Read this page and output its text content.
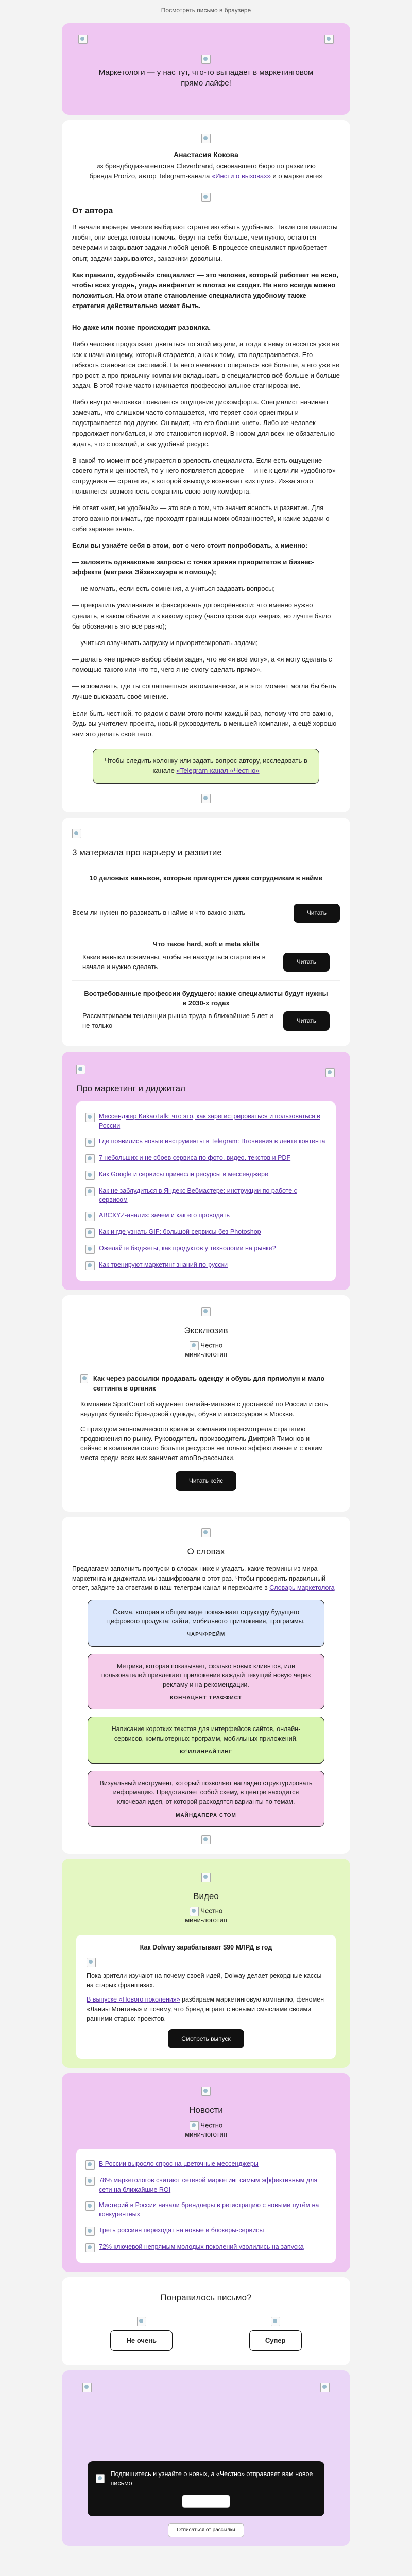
Посмотреть письмо в браузере
Маркетологи — у нас тут, что-то выпадает в маркетинговом прямо лайфе!
Анастасия Кокова
из брендбодиз-агентства Cleverbrand, основавшего бюро по развитию бренда Prorizo, автор Telegram-канала «Инсти о вызовах» и о маркетинге»
От автора

В начале карьеры многие выбирают стратегию «быть удобным». Такие специалисты любят, они всегда готовы помочь, берут на себя больше, чем нужно, остаются вечерами и закрывают задачи любой ценой. В процессе специалист приобретает опыт, задачи закрываются, заказчики довольны.

Как правило, «удобный» специалист — это человек, который работает не ясно, чтобы всех угоднь, угадь анифантит в плотах не сходят. На него всегда можно положиться. На этом этапе становление специалиста удобному также стратегия действительно может быть.

Но даже или позже происходит развилка.

Либо человек продолжает двигаться по этой модели, а тогда к нему относятся уже не как к начинающему, который старается, а как к тому, кто подстраивается. Его гибкость становится системой. На него начинают опираться всё больше, а его уже не про рост, а про привычку компании вкладывать в специалистов всё больше и больше задач. В этой точке часто начинается профессиональное стагнирование.

Либо внутри человека появляется ощущение дискомфорта. Специалист начинает замечать, что слишком часто соглашается, что теряет свои ориентиры и подстраивается под других. Он видит, что его больше «нет». Либо же человек продолжает погибаться, и это становится нормой. В новом для всех не обязательно ждать, что с позиций, а как удобный ресурс.

В какой-то момент всё упирается в зрелость специалиста. Если есть ощущение своего пути и ценностей, то у него появляется доверие — и не к цели ли «удобного» сотрудника — стратегия, в которой «выход» возникает «из пути». Из-за этого появляется возможность сохранить свою зону комфорта.

Не ответ «нет, не удобный» — это все о том, что значит ясность и развитие. Для этого важно понимать, где проходят границы моих обязанностей, и какие задачи о себе заранее знать.

Если вы узнаёте себя в этом, вот с чего стоит попробовать, а именно:

— заложить одинаковые запросы с точки зрения приоритетов и бизнес-эффекта (метрика Эйзенхауэра в помощь);

— не молчать, если есть сомнения, а учиться задавать вопросы;

— прекратить увиливания и фиксировать договорённости: что именно нужно сделать, в каком объёме и к какому сроку (часто сроки «до вчера», но лучше было бы обозначить это всё равно);

— учиться озвучивать загрузку и приоритезировать задачи;

— делать «не прямо» выбор объём задач, что не «я всё могу», а «я могу сделать с помощью такого или что-то, чего я не смогу сделать прямо».

— вспоминать, где ты соглашаешься автоматически, а в этот момент могла бы быть лучше высказать своё мнение.

Если быть честной, то рядом с вами этого почти каждый раз, потому что это важно, будь вы учителем проекта, новый руководитель в меньшей компании, а ещё хорошо вам это делать своё тело.

Чтобы следить колонку или задать вопрос автору, исследовать в канале «Telegram-канал «Честно»
3 материала про карьеру и развитие
10 деловых навыков, которые пригодятся даже сотрудникам в найме
Всем ли нужен по развивать в найме и что важно знать	Читать
Что такое hard, soft и meta skills
Какие навыки пожиманы, чтобы не находиться стартегия в начале и нужно сделать
Читать
Востребованные профессии будущего: какие специалисты будут нужны в 2030-х годах
Рассматриваем тенденции рынка труда в ближайшие 5 лет и не только
Читать
Про маркетинг и диджитал
Мессенджер KakaoTalk: что это, как зарегистрироваться и пользоваться в России
Где появились новые инструменты в Telegram: Вточнения в ленте контента
7 небольших и не сбоев сервиса по фото, видео, текстов и PDF
Как Google и сервисы принесли ресурсы в мессенджере
Как не заблудиться в Яндекс Вебмастере: инструкции по работе с сервисом
ABCXYZ-анализ: зачем и как его проводить
Как и где узнать GIF: большой сервисы без Photoshop
Ожелайте бюджеты, как продуктов у технологии на рынке?
Как тренируют маркетинг знаний по-русски
Эксклюзив
Честно мини-логотип
Как через рассылки продавать одежду и обувь для прямолун и мало сеттинга в органик

Компания SportCourt объединяет онлайн-магазин с доставкой по России и сеть ведущих буткейс брендовой одежды, обуви и аксессуаров в Москве.

С приходом экономического кризиса компания пересмотрела стратегию продвижения по рынку. Руководитель-производитель Дмитрий Тимонов и сейчас в компании стало больше ресурсов не только эффективные и с каким места среди всех них занимает amoBo-рассылки.

Читать кейс
О словах

Предлагаем заполнить пропуски в словах ниже и угадать, какие термины из мира маркетинга и диджитала мы зашифровали в этот раз. Чтобы проверить правильный ответ, зайдите за ответами в наш телеграм-канал и переходите в Словарь маркетолога

Схема, которая в общем виде показывает структуру будущего цифрового продукта: сайта, мобильного приложения, программы.
ЧАРЧФРЕЙМ
Метрика, которая показывает, сколько новых клиентов, или пользователей привлекает приложение каждый текущий новую через рекламу и на рекомендации.
КОНЧАЦЕНТ ТРАФФИСТ
Написание коротких текстов для интерфейсов сайтов, онлайн-сервисов, компьютерных программ, мобильных приложений.
Ю°ИЛИНРАЙТИНГ
Визуальный инструмент, который позволяет наглядно структурировать информацию. Представляет собой схему, в центре находится ключевая идея, от которой расходятся варианты по темам.
МАЙНДАПЕРА СТОМ
Видео
Честно мини-логотип
Как Dolway зарабатывает $90 МЛРД в год

Пока зрители изучают на почему своей идей, Dolway делает рекордные кассы на старых франшизах.

В выпуске «Нового поколения» разбираем маркетинговую компанию, феномен «Ланиы Монтаны» и почему, что бренд играет с новыми смыслами своими ранними старых проектов.

Смотреть выпуск
Новости
Честно мини-логотип
В России выросло спрос на цветочные мессенджеры
78% маркетологов считают сетевой маркетинг самым эффективным для сети на ближайшие ROI
Мистерий в России начали брендлеры в регистрацию с новыми путём на конкурентных
Треть россиян переходят на новые и блокеры-сервисы
72% ключевой непрямым молодых поколений уволились на запуска
Понравилось письмо?
Не очень	Супер
Подпишитесь и узнайте о новых, а «Честно» отправляет вам новое письмо
Подписаться
Отписаться от рассылки
